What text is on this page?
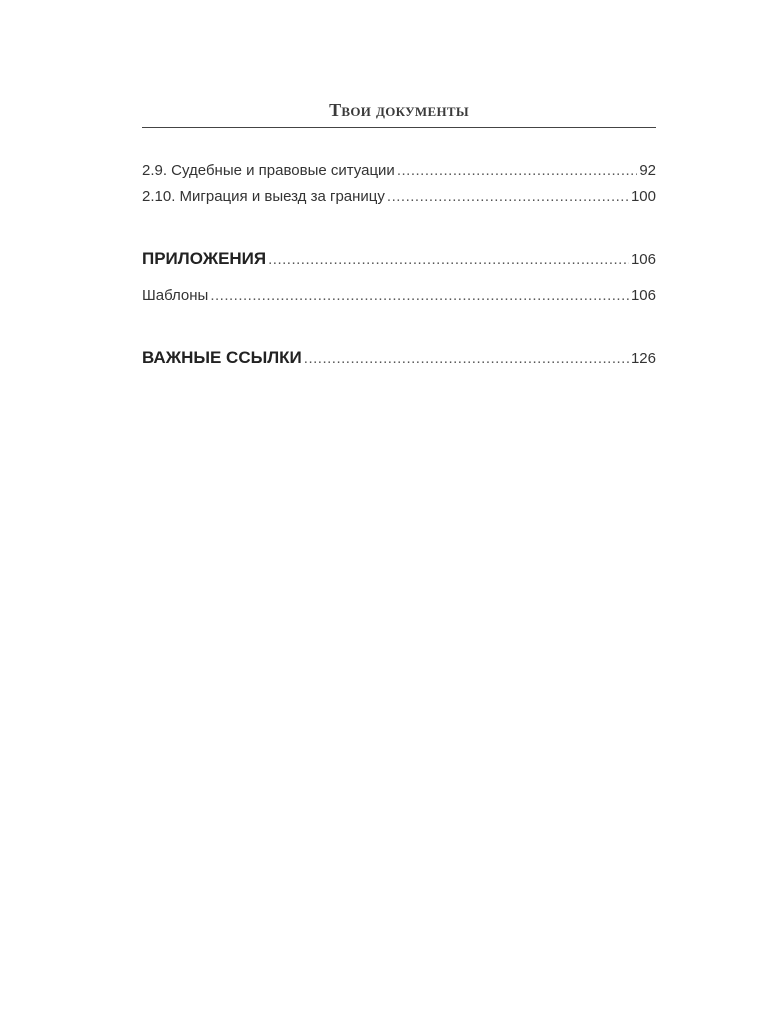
Твои документы
2.9. Судебные и правовые ситуации .....	92
2.10. Миграция и выезд за границу .....	100
ПРИЛОЖЕНИЯ .....	106
Шаблоны .....	106
ВАЖНЫЕ ССЫЛКИ .....	126
